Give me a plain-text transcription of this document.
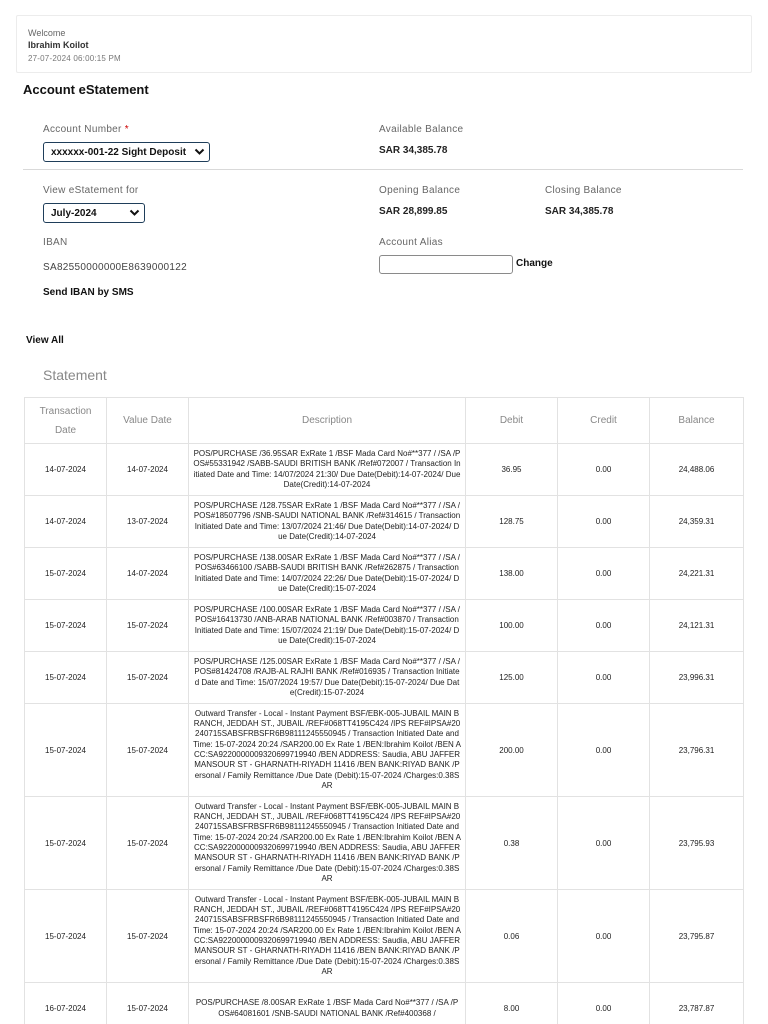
Welcome
Ibrahim Koilot
27-07-2024 06:00:15 PM
Account eStatement
Account Number *
xxxxxx-001-22 Sight Deposit
Available Balance
SAR 34,385.78
View eStatement for
July-2024
Opening Balance
SAR 28,899.85
Closing Balance
SAR 34,385.78
IBAN
SA82550000000E8639000122
Send IBAN by SMS
Account Alias
Change
View All
Statement
Transaction Date	Value Date	Description	Debit	Credit	Balance
14-07-2024	14-07-2024	POS/PURCHASE /36.95SAR ExRate 1 /BSF Mada Card No#**377 / /SA /POS#55331942 /SABB-SAUDI BRITISH BANK /Ref#072007 / Transaction Initiated Date and Time: 14/07/2024 21:30/ Due Date(Debit):14-07-2024/ Due Date(Credit):14-07-2024	36.95	0.00	24,488.06
14-07-2024	13-07-2024	POS/PURCHASE /128.75SAR ExRate 1 /BSF Mada Card No#**377 / /SA /POS#18507796 /SNB-SAUDI NATIONAL BANK /Ref#314615 / Transaction Initiated Date and Time: 13/07/2024 21:46/ Due Date(Debit):14-07-2024/ Due Date(Credit):14-07-2024	128.75	0.00	24,359.31
15-07-2024	14-07-2024	POS/PURCHASE /138.00SAR ExRate 1 /BSF Mada Card No#**377 / /SA /POS#63466100 /SABB-SAUDI BRITISH BANK /Ref#262875 / Transaction Initiated Date and Time: 14/07/2024 22:26/ Due Date(Debit):15-07-2024/ Due Date(Credit):15-07-2024	138.00	0.00	24,221.31
15-07-2024	15-07-2024	POS/PURCHASE /100.00SAR ExRate 1 /BSF Mada Card No#**377 / /SA /POS#16413730 /ANB-ARAB NATIONAL BANK /Ref#003870 / Transaction Initiated Date and Time: 15/07/2024 21:19/ Due Date(Debit):15-07-2024/ Due Date(Credit):15-07-2024	100.00	0.00	24,121.31
15-07-2024	15-07-2024	POS/PURCHASE /125.00SAR ExRate 1 /BSF Mada Card No#**377 / /SA /POS#81424708 /RAJB-AL RAJHI BANK /Ref#016935 / Transaction Initiated Date and Time: 15/07/2024 19:57/ Due Date(Debit):15-07-2024/ Due Date(Credit):15-07-2024	125.00	0.00	23,996.31
15-07-2024	15-07-2024	Outward Transfer - Local - Instant Payment BSF/EBK-005-JUBAIL MAIN BRANCH, JEDDAH ST., JUBAIL /REF#068TT4195C424 /IPS REF#IPSA#20240715SABSFRBSFR6B98111245550945 / Transaction Initiated Date and Time: 15-07-2024 20:24 /SAR200.00 Ex Rate 1 /BEN:Ibrahim Koilot /BEN ACC:SA9220000009320699719940 /BEN ADDRESS: Saudia, ABU JAFFER MANSOUR ST - GHARNATH-RIYADH 11416 /BEN BANK:RIYAD BANK /Personal / Family Remittance /Due Date (Debit):15-07-2024 /Charges:0.38SAR	200.00	0.00	23,796.31
15-07-2024	15-07-2024	Outward Transfer - Local - Instant Payment BSF/EBK-005-JUBAIL MAIN BRANCH, JEDDAH ST., JUBAIL /REF#068TT4195C424 /IPS REF#IPSA#20240715SABSFRBSFR6B98111245550945 / Transaction Initiated Date and Time: 15-07-2024 20:24 /SAR200.00 Ex Rate 1 /BEN:Ibrahim Koilot /BEN ACC:SA9220000009320699719940 /BEN ADDRESS: Saudia, ABU JAFFER MANSOUR ST - GHARNATH-RIYADH 11416 /BEN BANK:RIYAD BANK /Personal / Family Remittance /Due Date (Debit):15-07-2024 /Charges:0.38SAR	0.38	0.00	23,795.93
15-07-2024	15-07-2024	Outward Transfer - Local - Instant Payment BSF/EBK-005-JUBAIL MAIN BRANCH, JEDDAH ST., JUBAIL /REF#068TT4195C424 /IPS REF#IPSA#20240715SABSFRBSFR6B98111245550945 / Transaction Initiated Date and Time: 15-07-2024 20:24 /SAR200.00 Ex Rate 1 /BEN:Ibrahim Koilot /BEN ACC:SA9220000009320699719940 /BEN ADDRESS: Saudia, ABU JAFFER MANSOUR ST - GHARNATH-RIYADH 11416 /BEN BANK:RIYAD BANK /Personal / Family Remittance /Due Date (Debit):15-07-2024 /Charges:0.38SAR	0.06	0.00	23,795.87
16-07-2024	15-07-2024	POS/PURCHASE /8.00SAR ExRate 1 /BSF Mada Card No#**377 / /SA /POS#64081601 /SNB-SAUDI NATIONAL BANK /Ref#400368 /	8.00	0.00	23,787.87
